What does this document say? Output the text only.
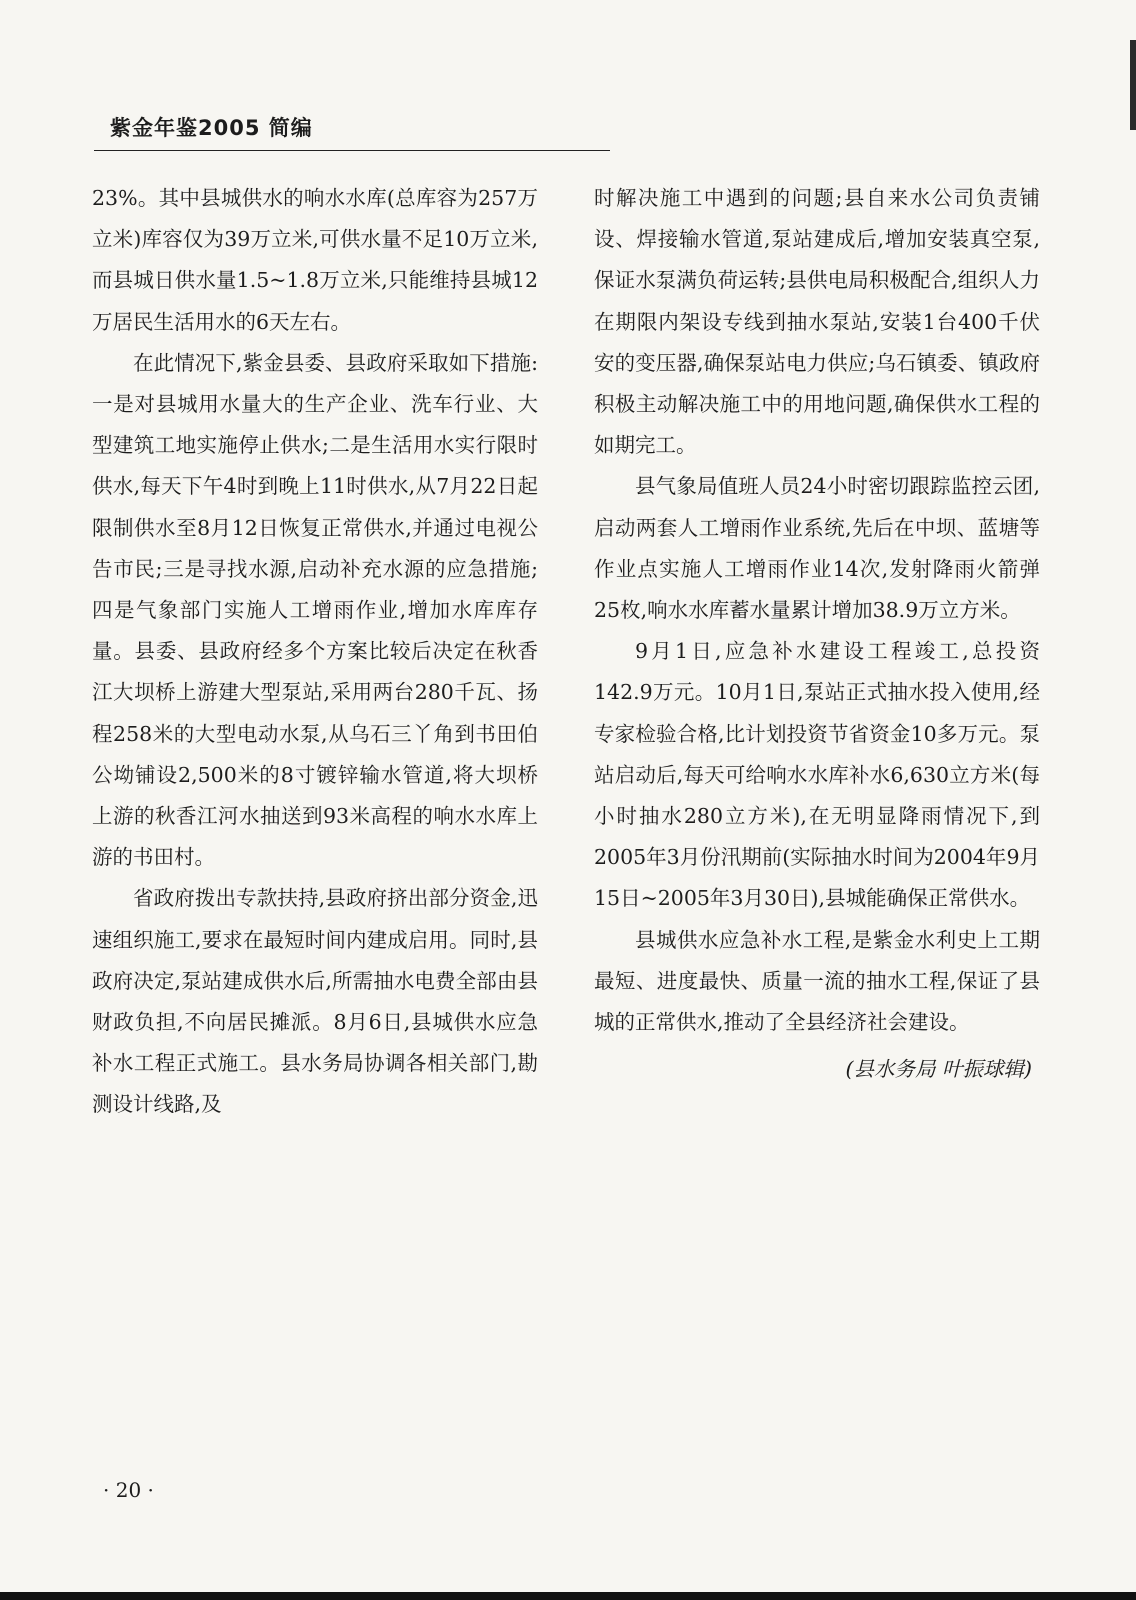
紫金年鉴2005 简编

23%。其中县城供水的响水水库(总库容为257万立米)库容仅为39万立米,可供水量不足10万立米,而县城日供水量1.5~1.8万立米,只能维持县城12万居民生活用水的6天左右。

在此情况下,紫金县委、县政府采取如下措施:一是对县城用水量大的生产企业、洗车行业、大型建筑工地实施停止供水;二是生活用水实行限时供水,每天下午4时到晚上11时供水,从7月22日起限制供水至8月12日恢复正常供水,并通过电视公告市民;三是寻找水源,启动补充水源的应急措施;四是气象部门实施人工增雨作业,增加水库库存量。县委、县政府经多个方案比较后决定在秋香江大坝桥上游建大型泵站,采用两台280千瓦、扬程258米的大型电动水泵,从乌石三丫角到书田伯公坳铺设2,500米的8寸镀锌输水管道,将大坝桥上游的秋香江河水抽送到93米高程的响水水库上游的书田村。

省政府拨出专款扶持,县政府挤出部分资金,迅速组织施工,要求在最短时间内建成启用。同时,县政府决定,泵站建成供水后,所需抽水电费全部由县财政负担,不向居民摊派。8月6日,县城供水应急补水工程正式施工。县水务局协调各相关部门,勘测设计线路,及

时解决施工中遇到的问题;县自来水公司负责铺设、焊接输水管道,泵站建成后,增加安装真空泵,保证水泵满负荷运转;县供电局积极配合,组织人力在期限内架设专线到抽水泵站,安装1台400千伏安的变压器,确保泵站电力供应;乌石镇委、镇政府积极主动解决施工中的用地问题,确保供水工程的如期完工。

县气象局值班人员24小时密切跟踪监控云团,启动两套人工增雨作业系统,先后在中坝、蓝塘等作业点实施人工增雨作业14次,发射降雨火箭弹25枚,响水水库蓄水量累计增加38.9万立方米。

9月1日,应急补水建设工程竣工,总投资142.9万元。10月1日,泵站正式抽水投入使用,经专家检验合格,比计划投资节省资金10多万元。泵站启动后,每天可给响水水库补水6,630立方米(每小时抽水280立方米),在无明显降雨情况下,到2005年3月份汛期前(实际抽水时间为2004年9月15日~2005年3月30日),县城能确保正常供水。

县城供水应急补水工程,是紫金水利史上工期最短、进度最快、质量一流的抽水工程,保证了县城的正常供水,推动了全县经济社会建设。

(县水务局 叶振球辑)

· 20 ·
